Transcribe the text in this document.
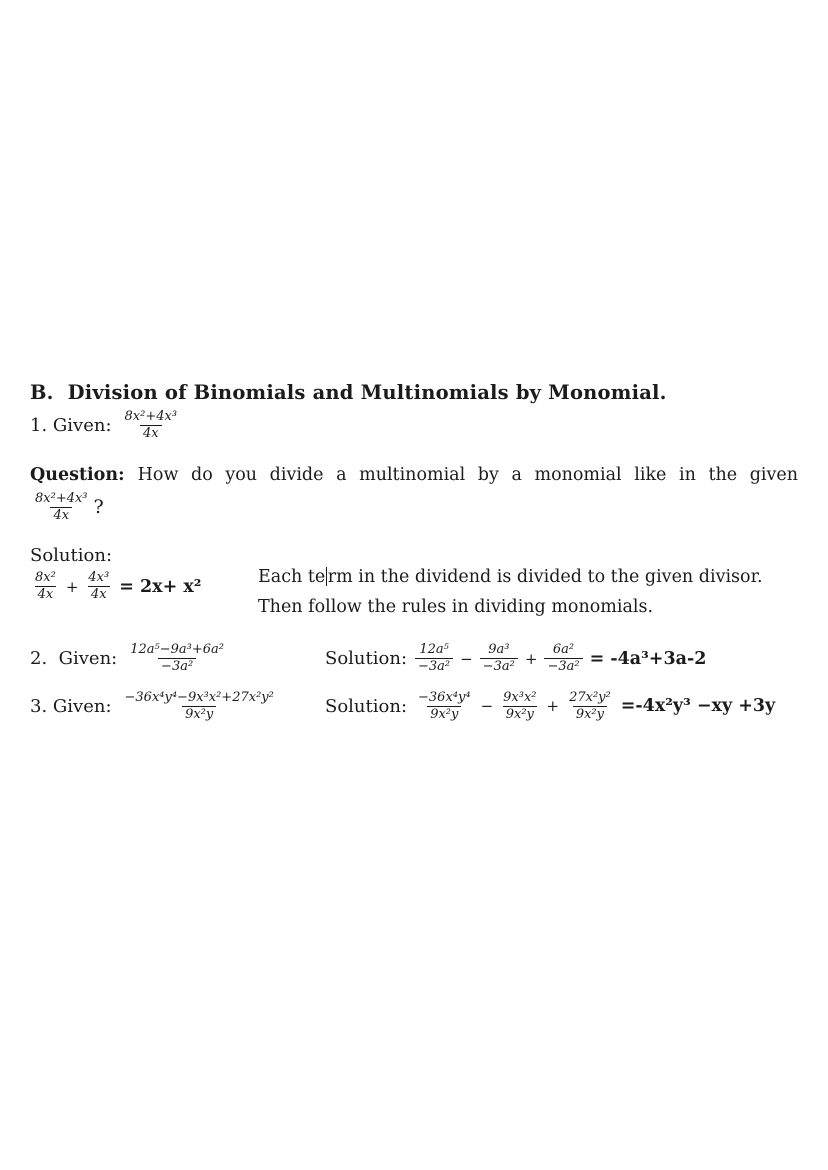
B.  Division of Binomials and Multinomials by Monomial.
1. Given: $\frac{\text{8x²+4x³}}{4x}$

Question: How do you divide a multinomial by a monomial like in the given

$\frac{\text{8x²+4x³}}{4x}$ ?
Solution:
$\frac{\text{8x²}}{4x} + \frac{\text{4x³}}{4x} = 2x+ x^2$	Each te rm in the dividend is divided to the given divisor.
Then follow the rules in dividing monomials.
2.  Given: $\frac{\text{12a⁵−9a³+6a²}}{\text{−3a²}}$	Solution: $\frac{\text{12a⁵}}{\text{−3a²}} - \frac{\text{9a³}}{\text{−3a²}} + \frac{\text{6a²}}{\text{−3a²}} = -4a^3+3a-2$
3. Given: $\frac{\text{−36x⁴y⁴−9x³x²+27x²y²}}{\text{9x²y}}$	Solution: $\frac{\text{−36x⁴y⁴}}{\text{9x²y}} - \frac{\text{9x³x²}}{\text{9x²y}} + \frac{\text{27x²y²}}{\text{9x²y}} =-4x^2y^3 -xy +3y$
